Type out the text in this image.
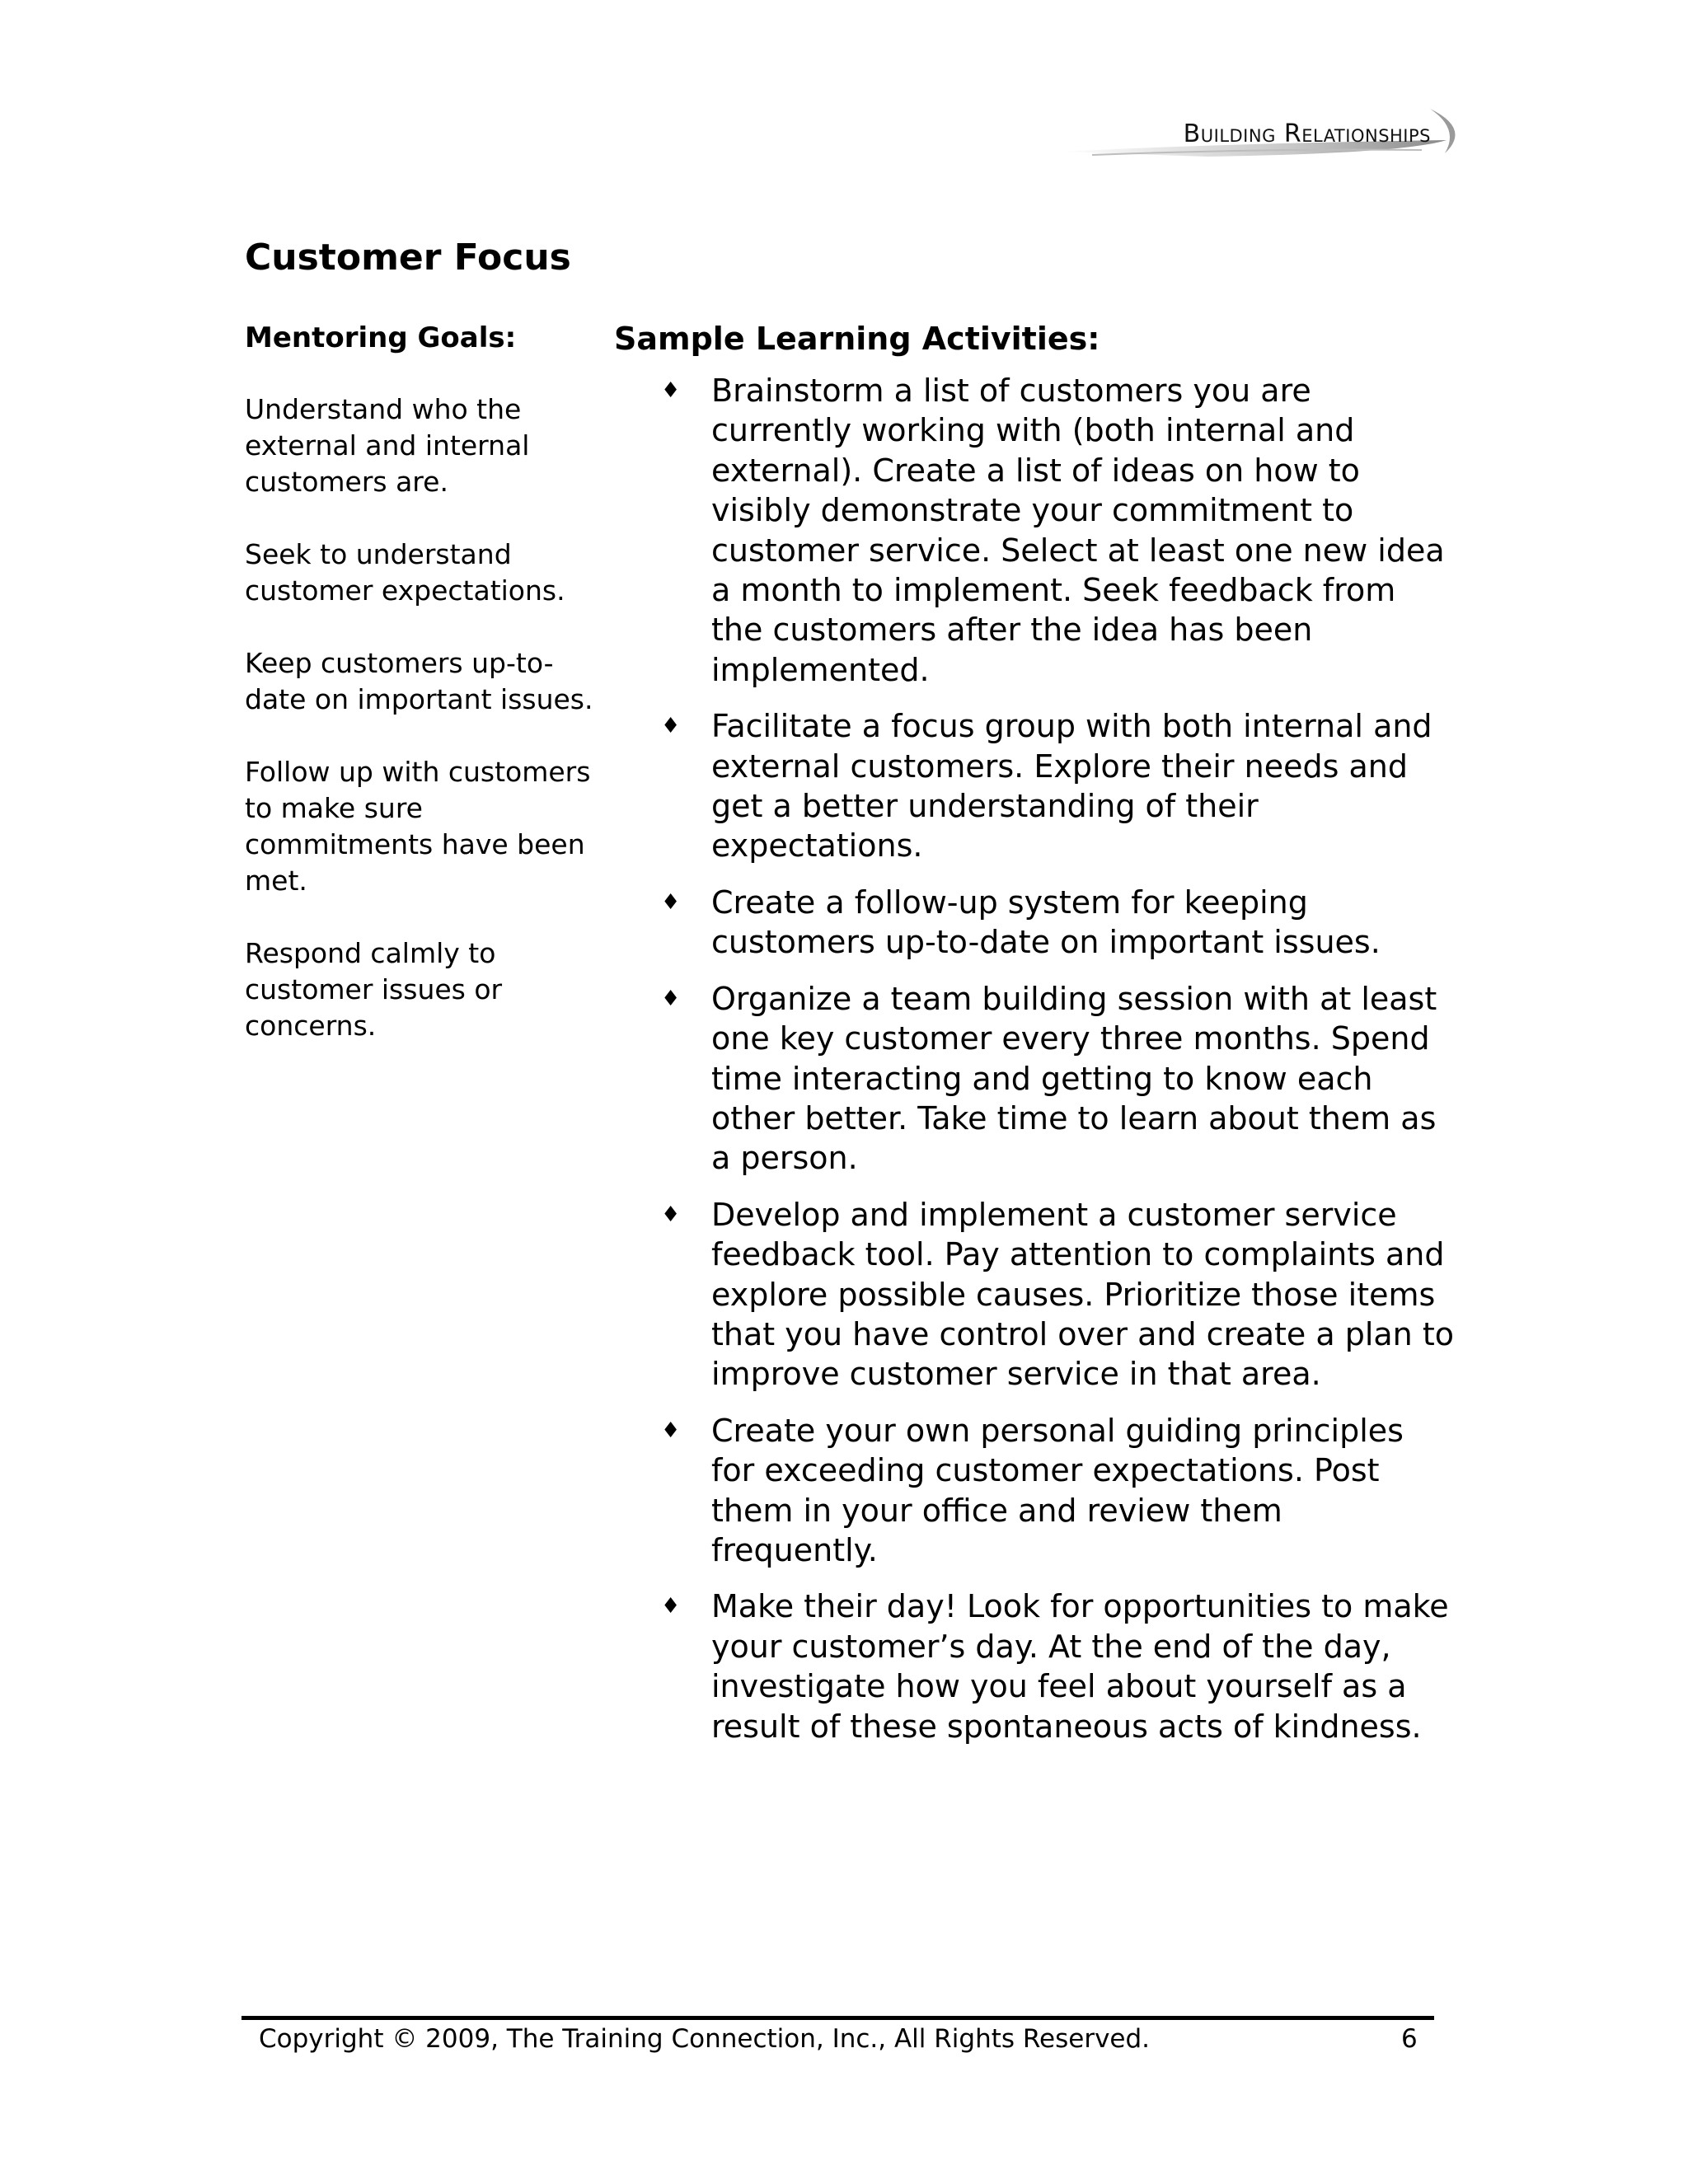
Building Relationships
Customer Focus

Mentoring Goals:

Understand who the external and internal customers are.

Seek to understand customer expectations.

Keep customers up-to-date on important issues.

Follow up with customers to make sure commitments have been met.

Respond calmly to customer issues or concerns.

Sample Learning Activities:

♦ Brainstorm a list of customers you are currently working with (both internal and external). Create a list of ideas on how to visibly demonstrate your commitment to customer service. Select at least one new idea a month to implement. Seek feedback from the customers after the idea has been implemented.
♦ Facilitate a focus group with both internal and external customers. Explore their needs and get a better understanding of their expectations.
♦ Create a follow-up system for keeping customers up-to-date on important issues.
♦ Organize a team building session with at least one key customer every three months. Spend time interacting and getting to know each other better. Take time to learn about them as a person.
♦ Develop and implement a customer service feedback tool. Pay attention to complaints and explore possible causes. Prioritize those items that you have control over and create a plan to improve customer service in that area.
♦ Create your own personal guiding principles for exceeding customer expectations. Post them in your office and review them frequently.
♦ Make their day! Look for opportunities to make your customer’s day. At the end of the day, investigate how you feel about yourself as a result of these spontaneous acts of kindness.
Copyright © 2009, The Training Connection, Inc., All Rights Reserved.	6
